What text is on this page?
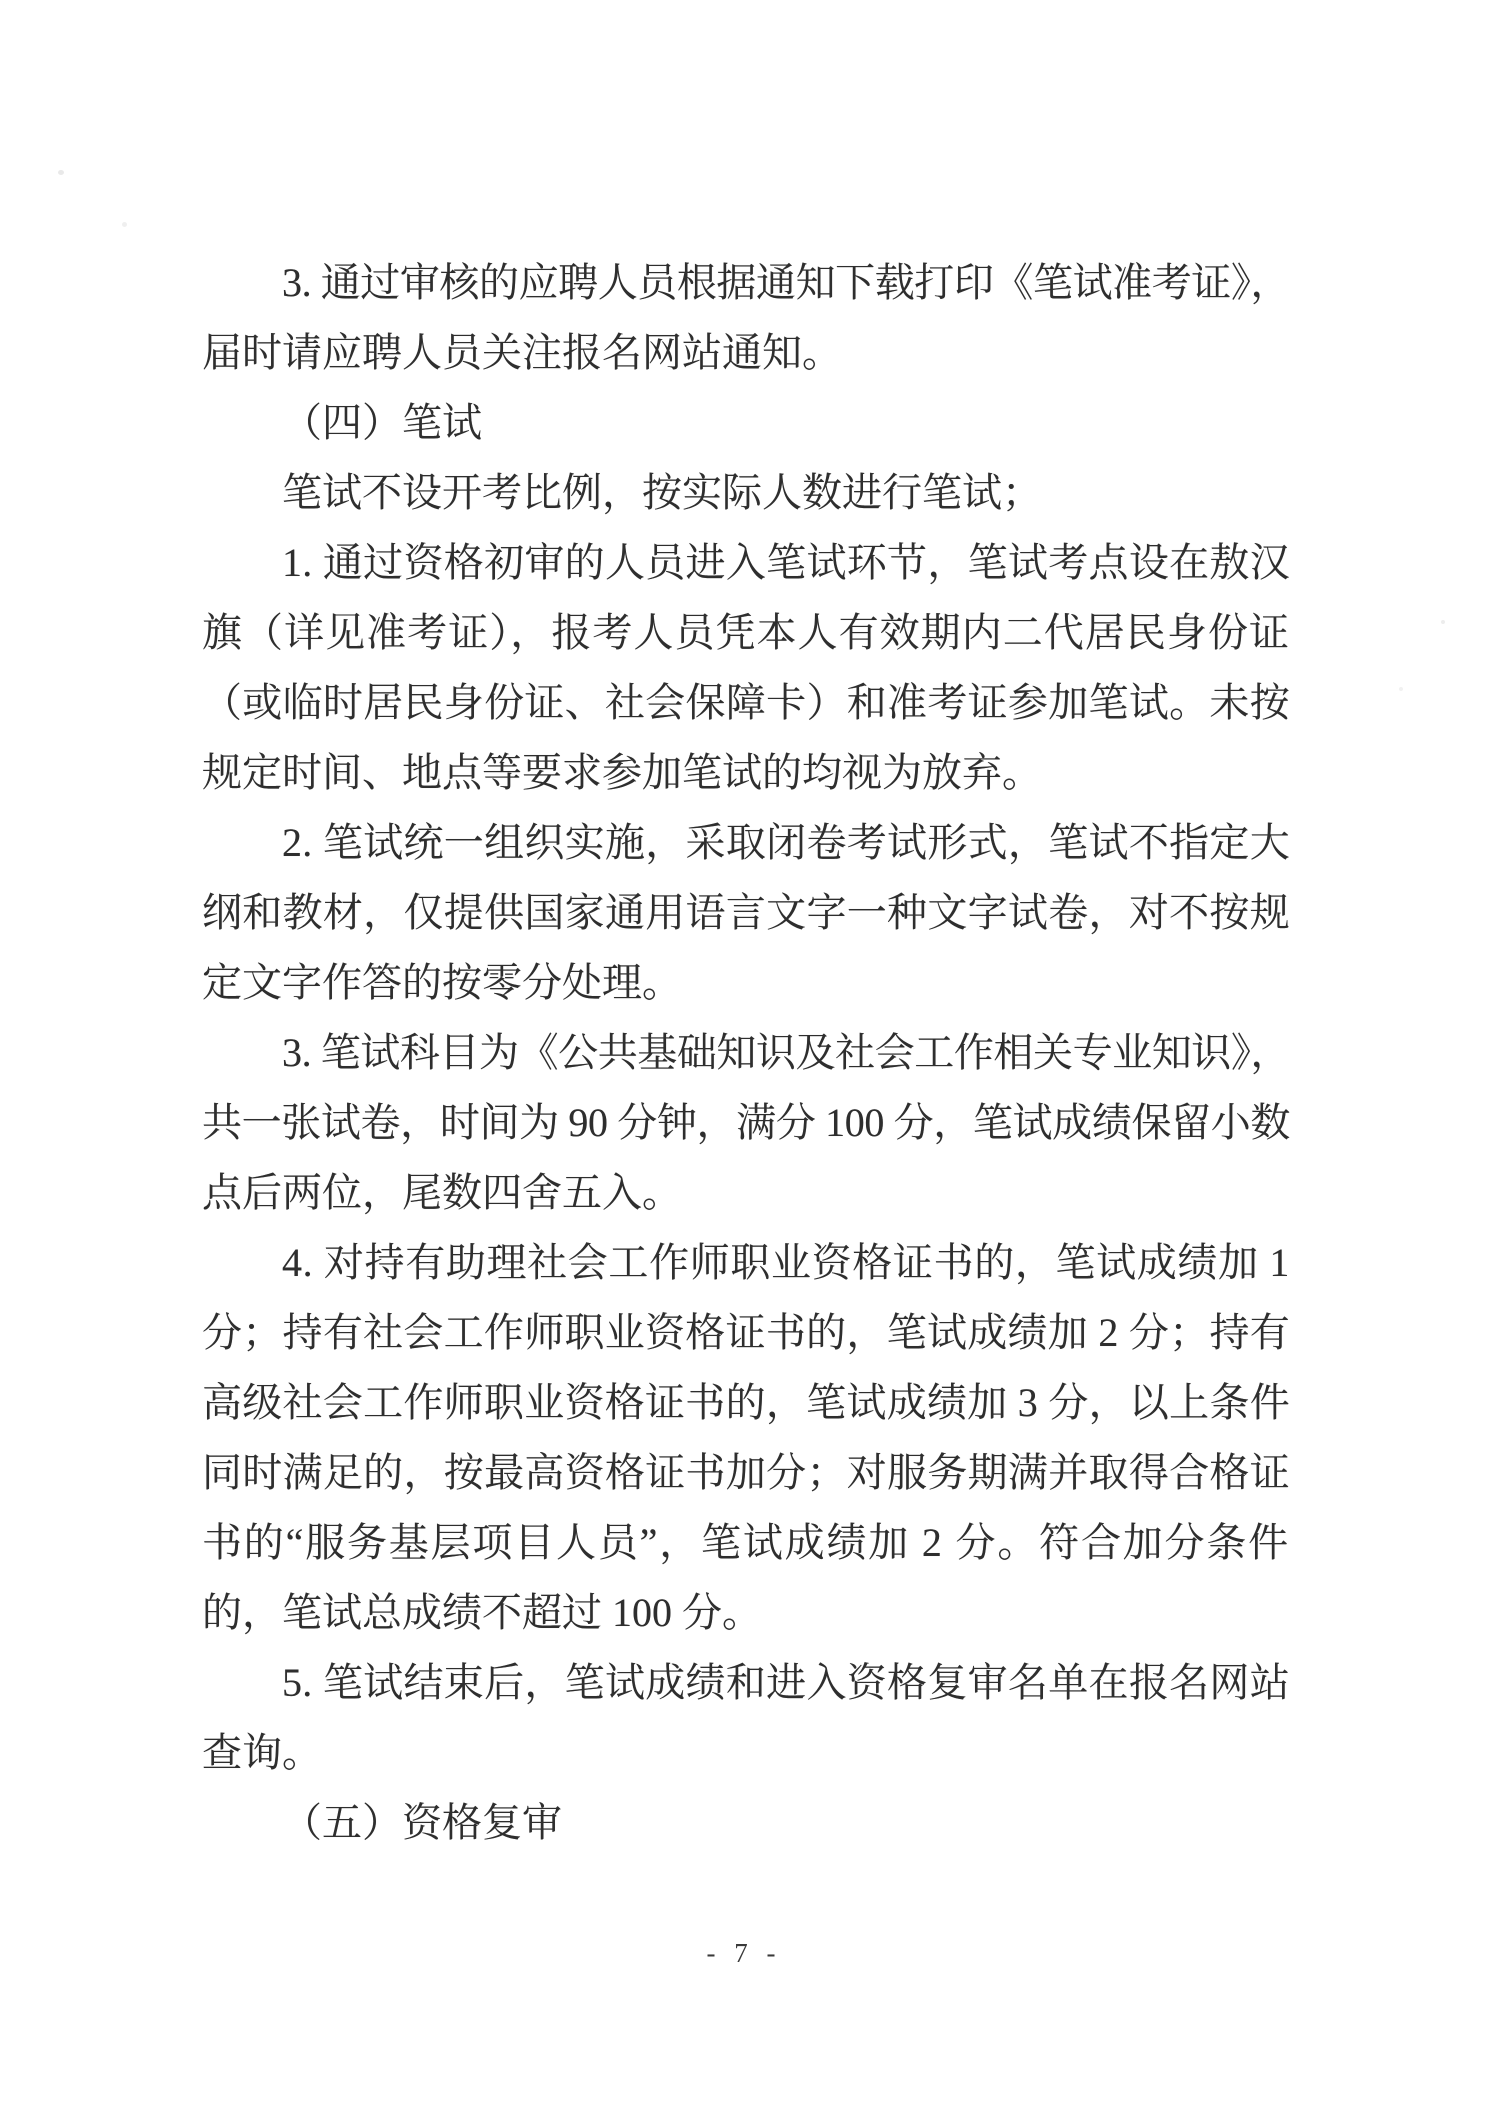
3. 通过审核的应聘人员根据通知下载打印《笔试准考证》，
届时请应聘人员关注报名网站通知。
（四）笔试
笔试不设开考比例，按实际人数进行笔试；
1. 通过资格初审的人员进入笔试环节，笔试考点设在敖汉
旗（详见准考证），报考人员凭本人有效期内二代居民身份证
（或临时居民身份证、社会保障卡）和准考证参加笔试。未按
规定时间、地点等要求参加笔试的均视为放弃。
2. 笔试统一组织实施，采取闭卷考试形式，笔试不指定大
纲和教材，仅提供国家通用语言文字一种文字试卷，对不按规
定文字作答的按零分处理。
3. 笔试科目为《公共基础知识及社会工作相关专业知识》，
共一张试卷，时间为 90 分钟，满分 100 分，笔试成绩保留小数
点后两位，尾数四舍五入。
4. 对持有助理社会工作师职业资格证书的，笔试成绩加 1
分；持有社会工作师职业资格证书的，笔试成绩加 2 分；持有
高级社会工作师职业资格证书的，笔试成绩加 3 分，以上条件
同时满足的，按最高资格证书加分；对服务期满并取得合格证
书的“服务基层项目人员”，笔试成绩加 2 分。符合加分条件
的，笔试总成绩不超过 100 分。
5. 笔试结束后，笔试成绩和进入资格复审名单在报名网站
查询。
（五）资格复审
- 7 -
